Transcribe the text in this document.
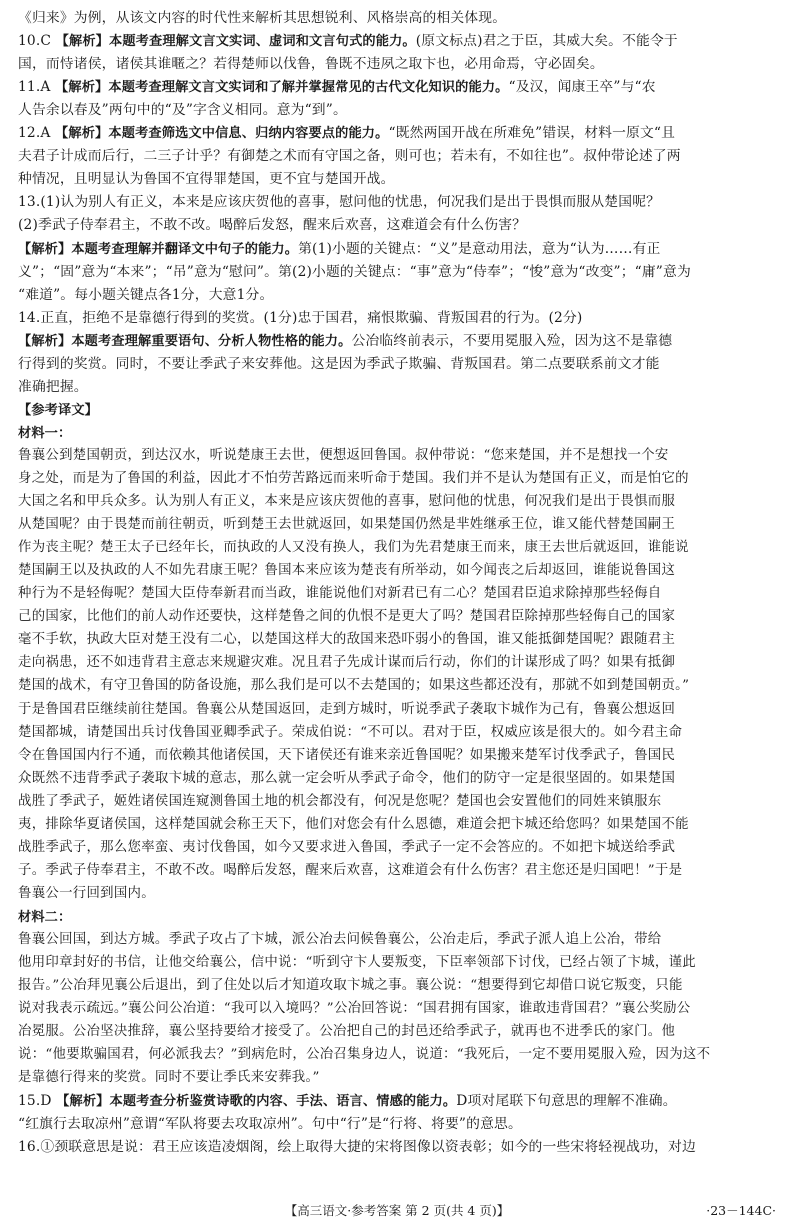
《归来》为例，从该文内容的时代性来解析其思想锐利、风格崇高的相关体现。
10.C 【解析】本题考查理解文言文实词、虚词和文言句式的能力。(原文标点)君之于臣，其威大矣。不能令于
国，而恃诸侯，诸侯其谁暱之？若得楚师以伐鲁，鲁既不违夙之取卞也，必用命焉，守必固矣。
11.A 【解析】本题考查理解文言文实词和了解并掌握常见的古代文化知识的能力。“及汉，闻康王卒”与“农
人告余以春及”两句中的“及”字含义相同。意为“到”。
12.A 【解析】本题考查筛选文中信息、归纳内容要点的能力。“既然两国开战在所难免”错误，材料一原文“且
夫君子计成而后行，二三子计乎？有御楚之术而有守国之备，则可也；若未有，不如往也”。叔仲带论述了两
种情况，且明显认为鲁国不宜得罪楚国，更不宜与楚国开战。
13.(1)认为别人有正义，本来是应该庆贺他的喜事，慰问他的忧患，何况我们是出于畏惧而服从楚国呢？
(2)季武子侍奉君主，不敢不改。喝醉后发怒，醒来后欢喜，这难道会有什么伤害？
【解析】本题考查理解并翻译文中句子的能力。第(1)小题的关键点：“义”是意动用法，意为“认为……有正
义”；“固”意为“本来”；“吊”意为“慰问”。第(2)小题的关键点：“事”意为“侍奉”；“悛”意为“改变”；“庸”意为
“难道”。每小题关键点各1分，大意1分。
14.正直，拒绝不是靠德行得到的奖赏。(1分)忠于国君，痛恨欺骗、背叛国君的行为。(2分)
【解析】本题考查理解重要语句、分析人物性格的能力。公冶临终前表示，不要用冕服入殓，因为这不是靠德
行得到的奖赏。同时，不要让季武子来安葬他。这是因为季武子欺骗、背叛国君。第二点要联系前文才能
准确把握。
【参考译文】
材料一：
鲁襄公到楚国朝贡，到达汉水，听说楚康王去世，便想返回鲁国。叔仲带说：“您来楚国，并不是想找一个安
身之处，而是为了鲁国的利益，因此才不怕劳苦路远而来听命于楚国。我们并不是认为楚国有正义，而是怕它的
大国之名和甲兵众多。认为别人有正义，本来是应该庆贺他的喜事，慰问他的忧患，何况我们是出于畏惧而服
从楚国呢？由于畏楚而前往朝贡，听到楚王去世就返回，如果楚国仍然是芈姓继承王位，谁又能代替楚国嗣王
作为丧主呢？楚王太子已经年长，而执政的人又没有换人，我们为先君楚康王而来，康王去世后就返回，谁能说
楚国嗣王以及执政的人不如先君康王呢？鲁国本来应该为楚丧有所举动，如今闻丧之后却返回，谁能说鲁国这
种行为不是轻侮呢？楚国大臣侍奉新君而当政，谁能说他们对新君已有二心？楚国君臣追求除掉那些轻侮自
己的国家，比他们的前人动作还要快，这样楚鲁之间的仇恨不是更大了吗？楚国君臣除掉那些轻侮自己的国家
毫不手软，执政大臣对楚王没有二心，以楚国这样大的敌国来恐吓弱小的鲁国，谁又能抵御楚国呢？跟随君主
走向祸患，还不如违背君主意志来规避灾难。况且君子先成计谋而后行动，你们的计谋形成了吗？如果有抵御
楚国的战术，有守卫鲁国的防备设施，那么我们是可以不去楚国的；如果这些都还没有，那就不如到楚国朝贡。”
于是鲁国君臣继续前往楚国。鲁襄公从楚国返回，走到方城时，听说季武子袭取卞城作为己有，鲁襄公想返回
楚国都城，请楚国出兵讨伐鲁国亚卿季武子。荣成伯说：“不可以。君对于臣，权威应该是很大的。如今君主命
令在鲁国国内行不通，而依赖其他诸侯国，天下诸侯还有谁来亲近鲁国呢？如果搬来楚军讨伐季武子，鲁国民
众既然不违背季武子袭取卞城的意志，那么就一定会听从季武子命令，他们的防守一定是很坚固的。如果楚国
战胜了季武子，姬姓诸侯国连窥测鲁国土地的机会都没有，何况是您呢？楚国也会安置他们的同姓来镇服东
夷，排除华夏诸侯国，这样楚国就会称王天下，他们对您会有什么恩德，难道会把卞城还给您吗？如果楚国不能
战胜季武子，那么您率蛮、夷讨伐鲁国，如今又要求进入鲁国，季武子一定不会答应的。不如把卞城送给季武
子。季武子侍奉君主，不敢不改。喝醉后发怒，醒来后欢喜，这难道会有什么伤害？君主您还是归国吧！”于是
鲁襄公一行回到国内。
材料二：
鲁襄公回国，到达方城。季武子攻占了卞城，派公冶去问候鲁襄公，公冶走后，季武子派人追上公冶，带给
他用印章封好的书信，让他交给襄公，信中说：“听到守卞人要叛变，下臣率领部下讨伐，已经占领了卞城，谨此
报告。”公冶拜见襄公后退出，到了住处以后才知道攻取卞城之事。襄公说：“想要得到它却借口说它叛变，只能
说对我表示疏远。”襄公问公冶道：“我可以入境吗？”公冶回答说：“国君拥有国家，谁敢违背国君？”襄公奖励公
冶冕服。公冶坚决推辞，襄公坚持要给才接受了。公冶把自己的封邑还给季武子，就再也不进季氏的家门。他
说：“他要欺骗国君，何必派我去？”到病危时，公冶召集身边人，说道：“我死后，一定不要用冕服入殓，因为这不
是靠德行得来的奖赏。同时不要让季氏来安葬我。”
15.D 【解析】本题考查分析鉴赏诗歌的内容、手法、语言、情感的能力。D项对尾联下句意思的理解不准确。
“红旗行去取凉州”意谓“军队将要去攻取凉州”。句中“行”是“行将、将要”的意思。
16.①颈联意思是说：君王应该造凌烟阁，绘上取得大捷的宋将图像以资表彰；如今的一些宋将轻视战功，对边
【高三语文·参考答案 第 2 页(共 4 页)】	·23－144C·
